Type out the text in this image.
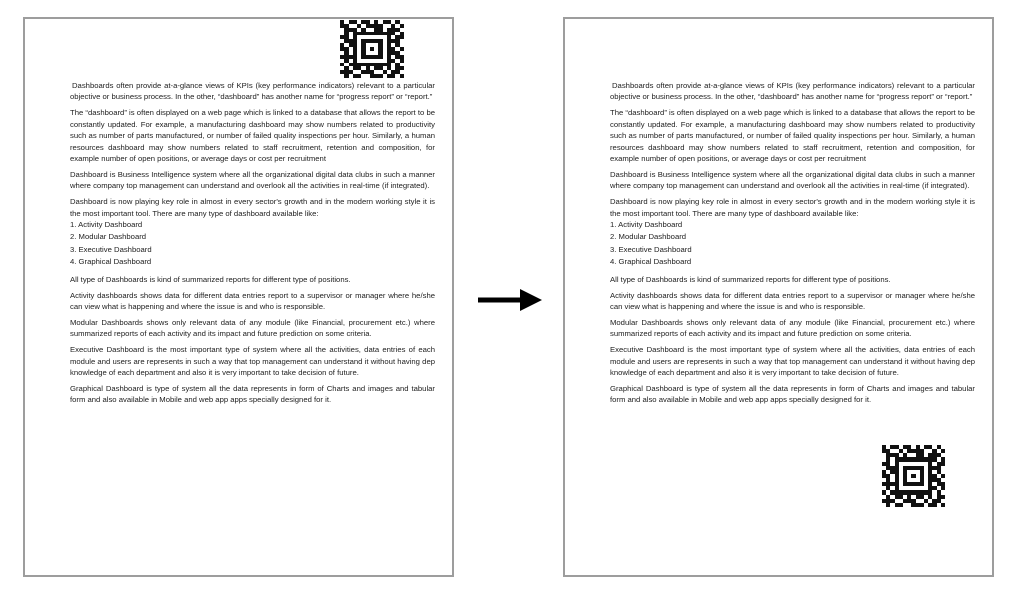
Dashboards often provide at-a-glance views of KPIs (key performance indicators) relevant to a particular objective or business process. In the other, “dashboard” has another name for “progress report” or “report.”

The “dashboard” is often displayed on a web page which is linked to a database that allows the report to be constantly updated. For example, a manufacturing dashboard may show numbers related to productivity such as number of parts manufactured, or number of failed quality inspections per hour. Similarly, a human resources dashboard may show numbers related to staff recruitment, retention and composition, for example number of open positions, or average days or cost per recruitment

Dashboard is Business Intelligence system where all the organizational digital data clubs in such a manner where company top management can understand and overlook all the activities in real-time (if integrated).

Dashboard is now playing key role in almost in every sector's growth and in the modern working style it is the most important tool. There are many type of dashboard available like:

1. Activity Dashboard

2. Modular Dashboard

3. Executive Dashboard

4. Graphical Dashboard

All type of Dashboards is kind of summarized reports for different type of positions.

Activity dashboards shows data for different data entries report to a supervisor or manager where he/she can view what is happening and where the issue is and who is responsible.

Modular Dashboards shows only relevant data of any module (like Financial, procurement etc.) where summarized reports of each activity and its impact and future prediction on some criteria.

Executive Dashboard is the most important type of system where all the activities, data entries of each module and users are represents in such a way that top management can understand it without having dep knowledge of each department and also it is very important to take decision of future.

Graphical Dashboard is type of system all the data represents in form of Charts and images and tabular form and also available in Mobile and web app apps specially designed for it.

Dashboards often provide at-a-glance views of KPIs (key performance indicators) relevant to a particular objective or business process. In the other, “dashboard” has another name for “progress report” or “report.”

The “dashboard” is often displayed on a web page which is linked to a database that allows the report to be constantly updated. For example, a manufacturing dashboard may show numbers related to productivity such as number of parts manufactured, or number of failed quality inspections per hour. Similarly, a human resources dashboard may show numbers related to staff recruitment, retention and composition, for example number of open positions, or average days or cost per recruitment

Dashboard is Business Intelligence system where all the organizational digital data clubs in such a manner where company top management can understand and overlook all the activities in real-time (if integrated).

Dashboard is now playing key role in almost in every sector's growth and in the modern working style it is the most important tool. There are many type of dashboard available like:

1. Activity Dashboard

2. Modular Dashboard

3. Executive Dashboard

4. Graphical Dashboard

All type of Dashboards is kind of summarized reports for different type of positions.

Activity dashboards shows data for different data entries report to a supervisor or manager where he/she can view what is happening and where the issue is and who is responsible.

Modular Dashboards shows only relevant data of any module (like Financial, procurement etc.) where summarized reports of each activity and its impact and future prediction on some criteria.

Executive Dashboard is the most important type of system where all the activities, data entries of each module and users are represents in such a way that top management can understand it without having dep knowledge of each department and also it is very important to take decision of future.

Graphical Dashboard is type of system all the data represents in form of Charts and images and tabular form and also available in Mobile and web app apps specially designed for it.
